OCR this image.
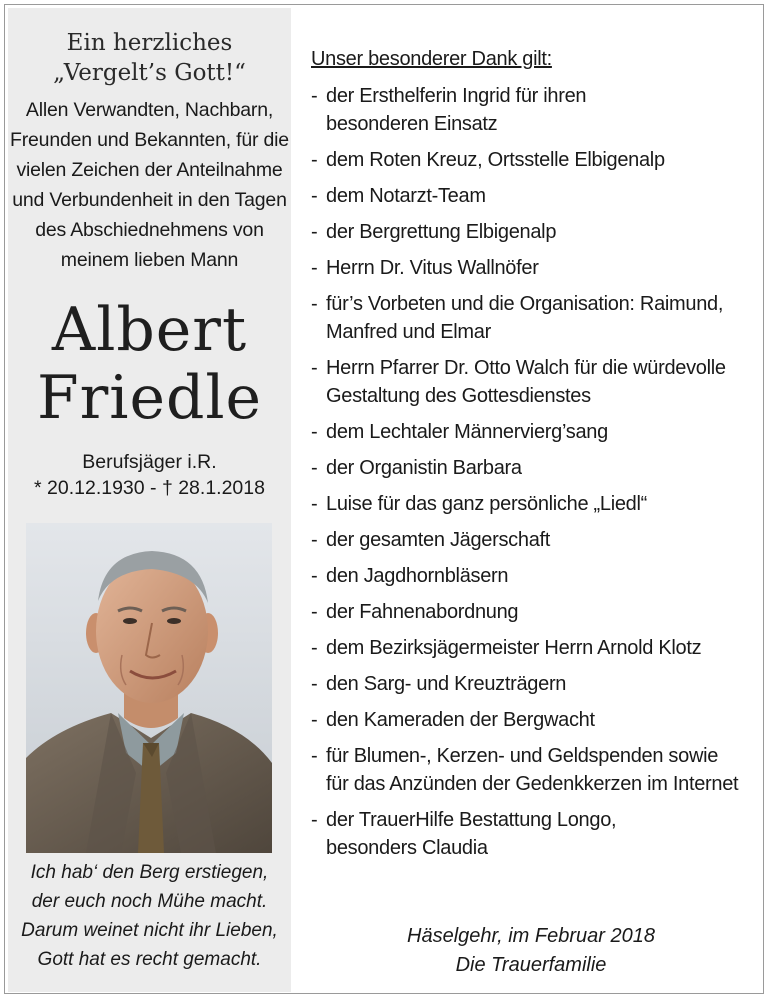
Ein herzliches
„Vergelt’s Gott!“
Allen Verwandten, Nachbarn,
Freunden und Bekannten, für die
vielen Zeichen der Anteilnahme
und Verbundenheit in den Tagen
des Abschiednehmens von
meinem lieben Mann
Albert
Friedle
Berufsjäger i.R.
* 20.12.1930 - † 28.1.2018
Ich hab‘ den Berg erstiegen,
der euch noch Mühe macht.
Darum weinet nicht ihr Lieben,
Gott hat es recht gemacht.
Unser besonderer Dank gilt:
- der Ersthelferin Ingrid für ihren
besonderen Einsatz
- dem Roten Kreuz, Ortsstelle Elbigenalp
- dem Notarzt-Team
- der Bergrettung Elbigenalp
- Herrn Dr. Vitus Wallnöfer
- für’s Vorbeten und die Organisation: Raimund,
Manfred und Elmar
- Herrn Pfarrer Dr. Otto Walch für die würdevolle
Gestaltung des Gottesdienstes
- dem Lechtaler Männervierg’sang
- der Organistin Barbara
- Luise für das ganz persönliche „Liedl“
- der gesamten Jägerschaft
- den Jagdhornbläsern
- der Fahnenabordnung
- dem Bezirksjägermeister Herrn Arnold Klotz
- den Sarg- und Kreuzträgern
- den Kameraden der Bergwacht
- für Blumen-, Kerzen- und Geldspenden sowie
für das Anzünden der Gedenkkerzen im Internet
- der TrauerHilfe Bestattung Longo,
besonders Claudia
Häselgehr, im Februar 2018
Die Trauerfamilie
